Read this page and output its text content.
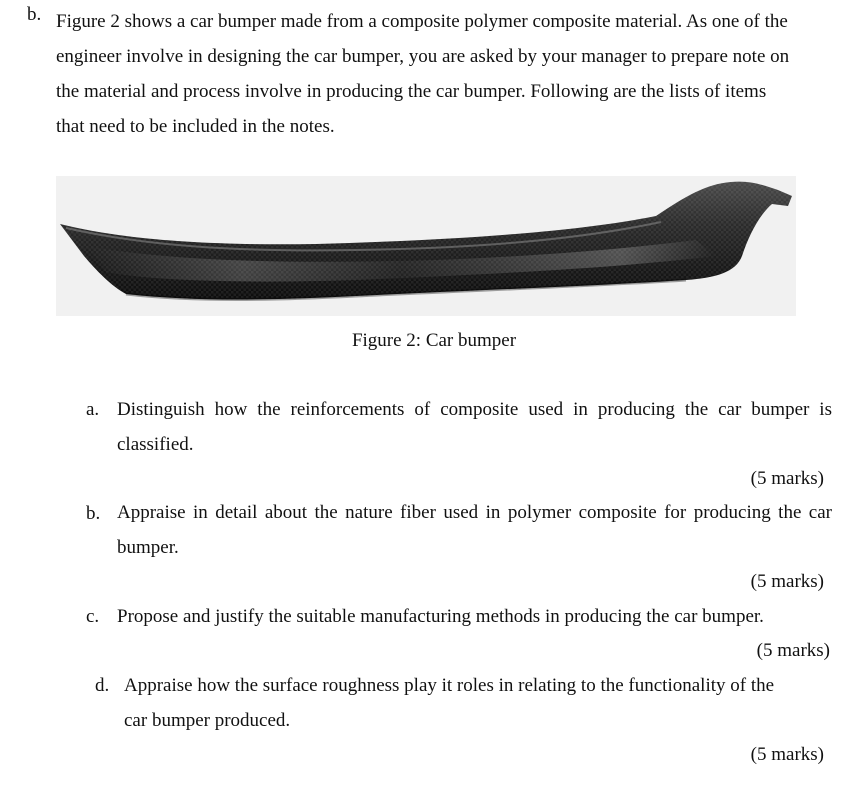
b. Figure 2 shows a car bumper made from a composite polymer composite material. As one of the
engineer involve in designing the car bumper, you are asked by your manager to prepare note on
the material and process involve in producing the car bumper. Following are the lists of items
that need to be included in the notes.
Figure 2: Car bumper
a. Distinguish how the reinforcements of composite used in producing the car bumper is
classified.
(5 marks)
b. Appraise in detail about the nature fiber used in polymer composite for producing the car
bumper.
(5 marks)
c. Propose and justify the suitable manufacturing methods in producing the car bumper.
(5 marks)
d. Appraise how the surface roughness play it roles in relating to the functionality of the
car bumper produced.
(5 marks)
